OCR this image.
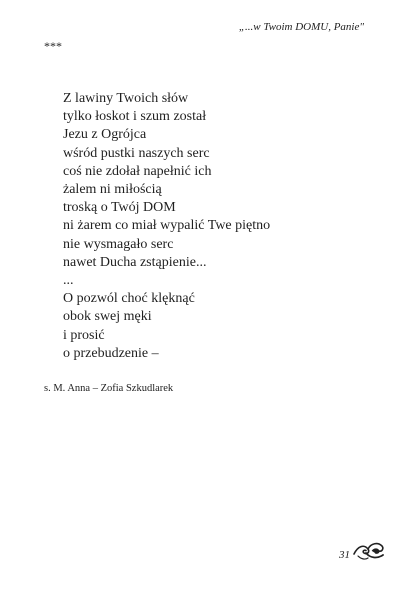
„...w Twoim DOMU, Panie"
***
Z lawiny Twoich słów
tylko łoskot i szum został
Jezu z Ogrójca
wśród pustki naszych serc
coś nie zdołał napełnić ich
żalem ni miłością
troską o Twój DOM
ni żarem co miał wypalić Twe piętno
nie wysmagało serc
nawet Ducha zstąpienie...
...
O pozwól choć klęknąć
obok swej męki
i prosić
o przebudzenie –
s. M. Anna – Zofia Szkudlarek
31
